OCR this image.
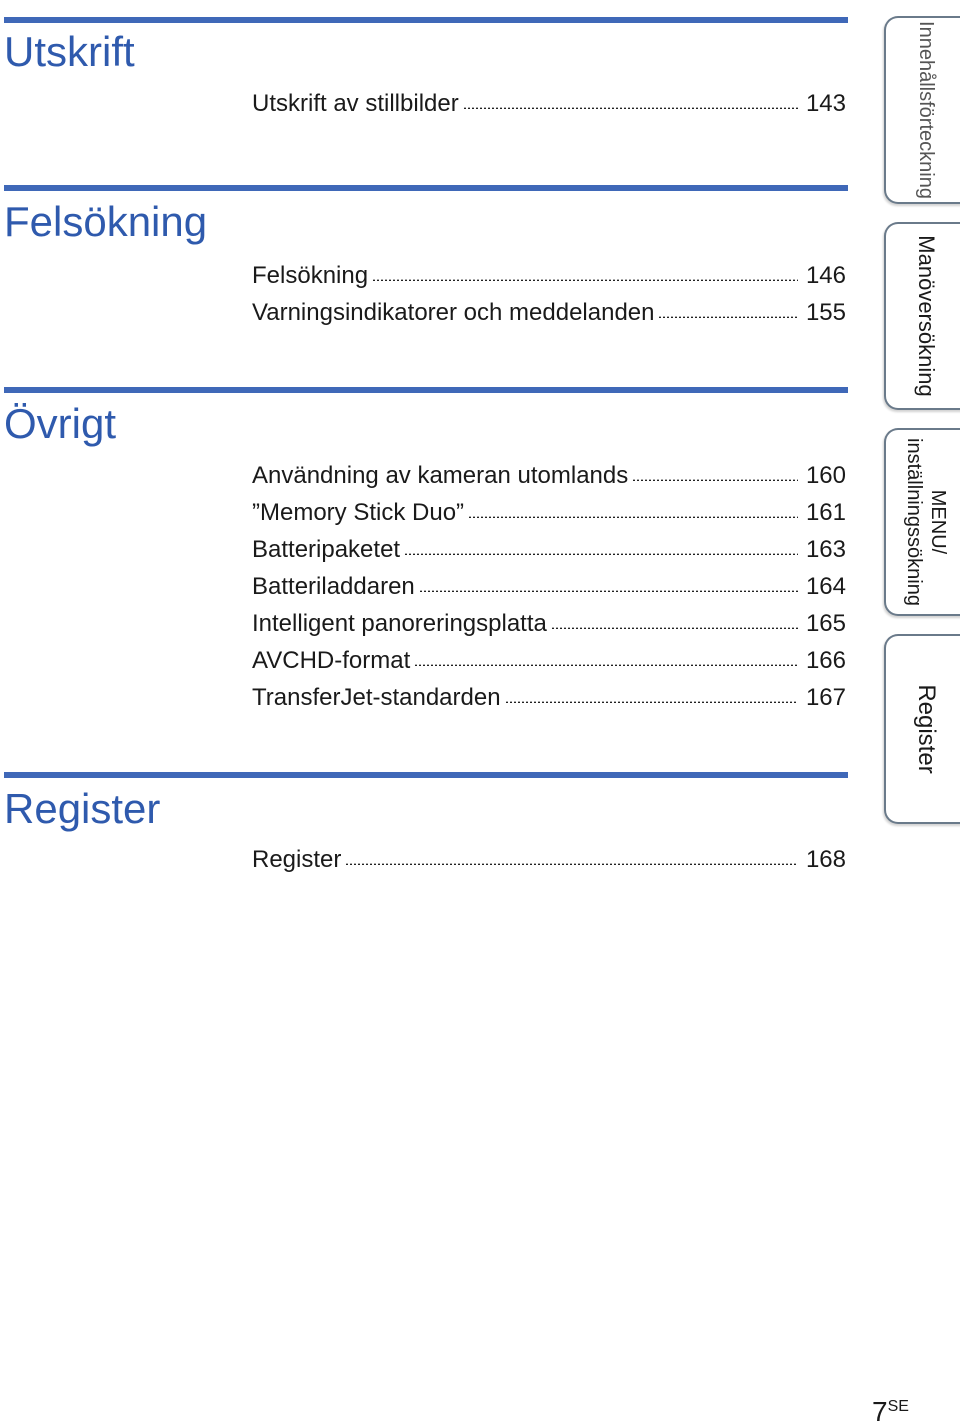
Utskrift
Utskrift av stillbilder	143
Felsökning
Felsökning	146
Varningsindikatorer och meddelanden	155
Övrigt
Användning av kameran utomlands	160
”Memory Stick Duo”	161
Batteripaketet	163
Batteriladdaren	164
Intelligent panoreringsplatta	165
AVCHD-format	166
TransferJet-standarden	167
Register
Register	168
Innehållsförteckning
Manöversökning
MENU/
inställningssökning
Register
$7^{SE}$
